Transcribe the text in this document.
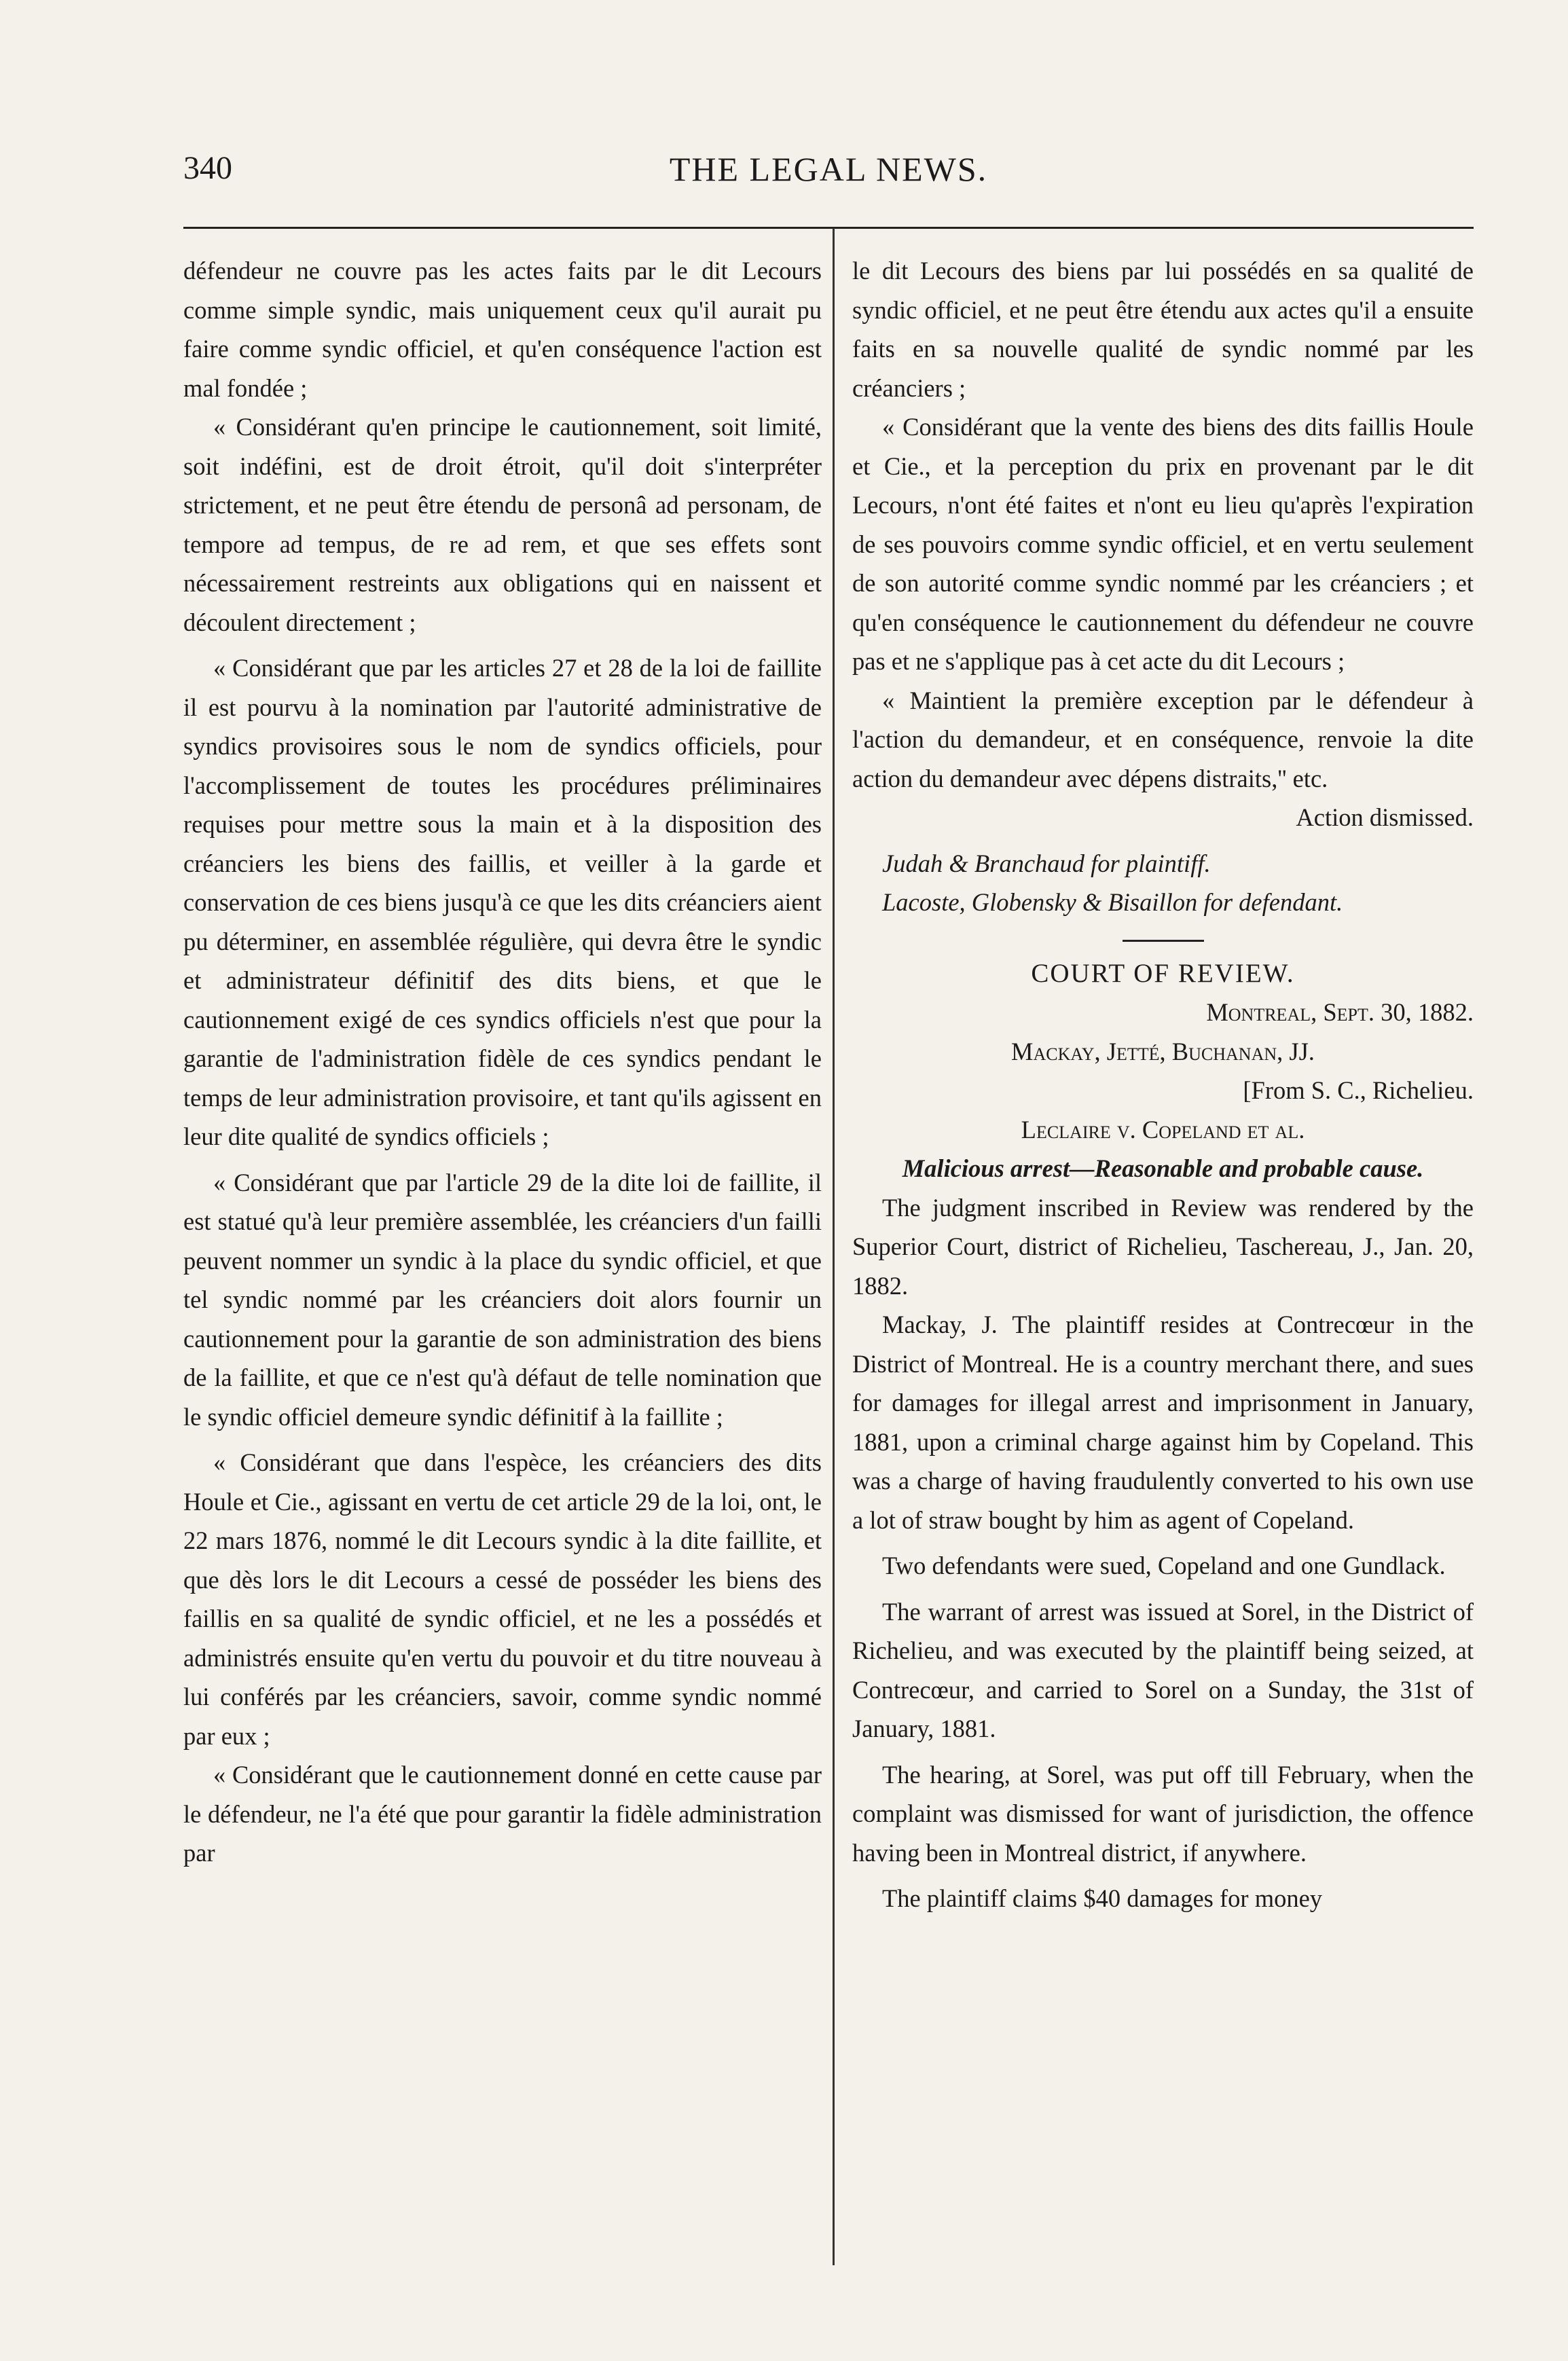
340	THE LEGAL NEWS.

défendeur ne couvre pas les actes faits par le dit Lecours comme simple syndic, mais uniquement ceux qu'il aurait pu faire comme syndic officiel, et qu'en conséquence l'action est mal fondée ;

« Considérant qu'en principe le cautionnement, soit limité, soit indéfini, est de droit étroit, qu'il doit s'interpréter strictement, et ne peut être étendu de personâ ad personam, de tempore ad tempus, de re ad rem, et que ses effets sont nécessairement restreints aux obligations qui en naissent et découlent directement ;

« Considérant que par les articles 27 et 28 de la loi de faillite il est pourvu à la nomination par l'autorité administrative de syndics provisoires sous le nom de syndics officiels, pour l'accomplissement de toutes les procédures préliminaires requises pour mettre sous la main et à la disposition des créanciers les biens des faillis, et veiller à la garde et conservation de ces biens jusqu'à ce que les dits créanciers aient pu déterminer, en assemblée régulière, qui devra être le syndic et administrateur définitif des dits biens, et que le cautionnement exigé de ces syndics officiels n'est que pour la garantie de l'administration fidèle de ces syndics pendant le temps de leur administration provisoire, et tant qu'ils agissent en leur dite qualité de syndics officiels ;

« Considérant que par l'article 29 de la dite loi de faillite, il est statué qu'à leur première assemblée, les créanciers d'un failli peuvent nommer un syndic à la place du syndic officiel, et que tel syndic nommé par les créanciers doit alors fournir un cautionnement pour la garantie de son administration des biens de la faillite, et que ce n'est qu'à défaut de telle nomination que le syndic officiel demeure syndic définitif à la faillite ;

« Considérant que dans l'espèce, les créanciers des dits Houle et Cie., agissant en vertu de cet article 29 de la loi, ont, le 22 mars 1876, nommé le dit Lecours syndic à la dite faillite, et que dès lors le dit Lecours a cessé de posséder les biens des faillis en sa qualité de syndic officiel, et ne les a possédés et administrés ensuite qu'en vertu du pouvoir et du titre nouveau à lui conférés par les créanciers, savoir, comme syndic nommé par eux ;

« Considérant que le cautionnement donné en cette cause par le défendeur, ne l'a été que pour garantir la fidèle administration par

le dit Lecours des biens par lui possédés en sa qualité de syndic officiel, et ne peut être étendu aux actes qu'il a ensuite faits en sa nouvelle qualité de syndic nommé par les créanciers ;

« Considérant que la vente des biens des dits faillis Houle et Cie., et la perception du prix en provenant par le dit Lecours, n'ont été faites et n'ont eu lieu qu'après l'expiration de ses pouvoirs comme syndic officiel, et en vertu seulement de son autorité comme syndic nommé par les créanciers ; et qu'en conséquence le cautionnement du défendeur ne couvre pas et ne s'applique pas à cet acte du dit Lecours ;

« Maintient la première exception par le défendeur à l'action du demandeur, et en conséquence, renvoie la dite action du demandeur avec dépens distraits,'' etc.

Action dismissed.

Judah & Branchaud for plaintiff.

Lacoste, Globensky & Bisaillon for defendant.

COURT OF REVIEW.

Montreal, Sept. 30, 1882.

Mackay, Jetté, Buchanan, JJ.

[From S. C., Richelieu.

Leclaire v. Copeland et al.

Malicious arrest—Reasonable and probable cause.

The judgment inscribed in Review was rendered by the Superior Court, district of Richelieu, Taschereau, J., Jan. 20, 1882.

Mackay, J. The plaintiff resides at Contrecœur in the District of Montreal. He is a country merchant there, and sues for damages for illegal arrest and imprisonment in January, 1881, upon a criminal charge against him by Copeland. This was a charge of having fraudulently converted to his own use a lot of straw bought by him as agent of Copeland.

Two defendants were sued, Copeland and one Gundlack.

The warrant of arrest was issued at Sorel, in the District of Richelieu, and was executed by the plaintiff being seized, at Contrecœur, and carried to Sorel on a Sunday, the 31st of January, 1881.

The hearing, at Sorel, was put off till February, when the complaint was dismissed for want of jurisdiction, the offence having been in Montreal district, if anywhere.

The plaintiff claims $40 damages for money
